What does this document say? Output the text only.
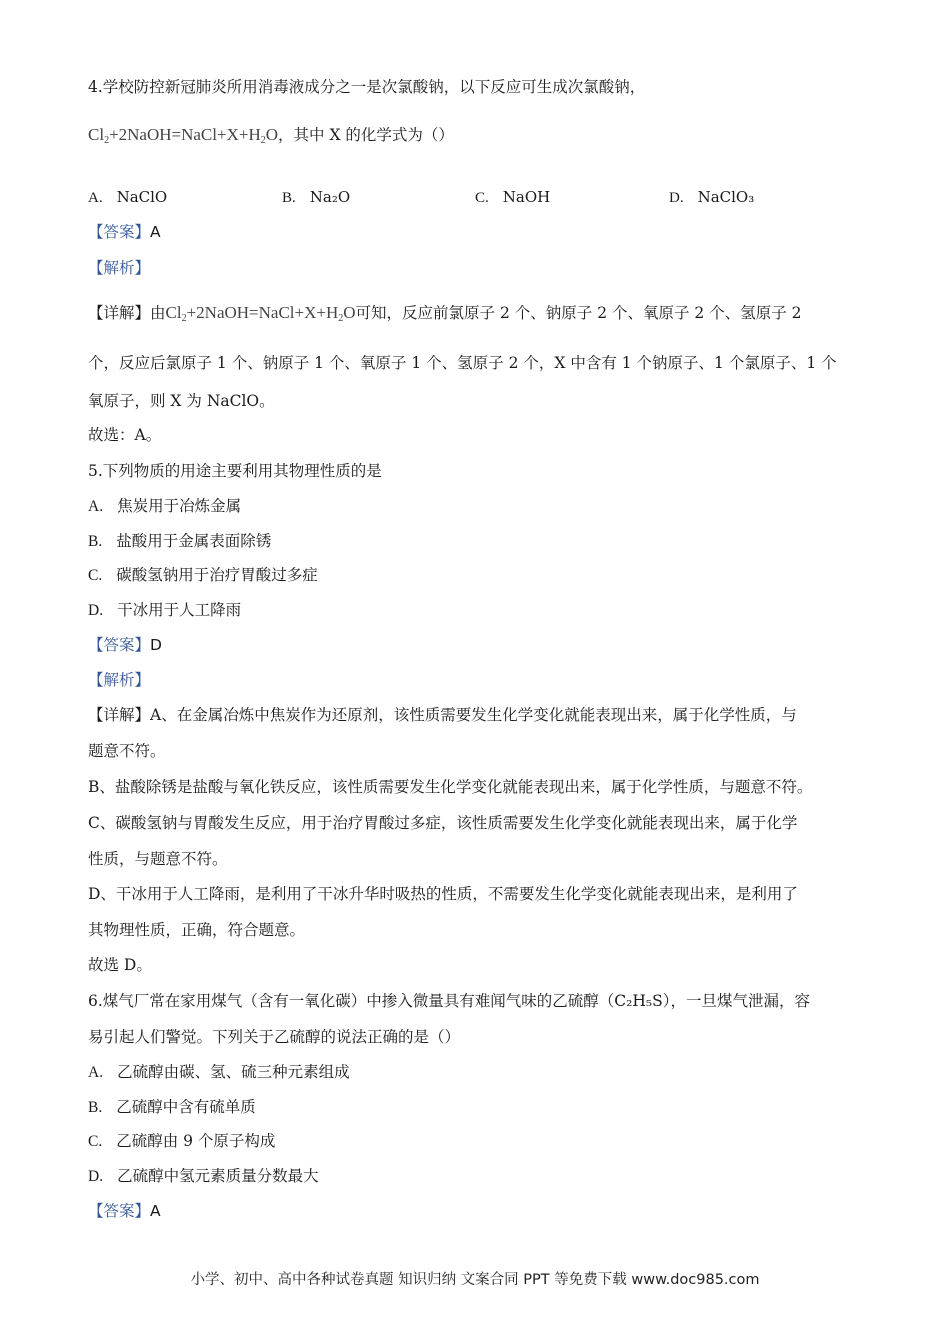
4.学校防控新冠肺炎所用消毒液成分之一是次氯酸钠，以下反应可生成次氯酸钠，
$Cl_2+2NaOH=NaCl+X+H_2O$，其中 X 的化学式为（）
A. NaClO	B. Na₂O	C. NaOH	D. NaClO₃
【答案】A
【解析】
【详解】由$Cl_2+2NaOH=NaCl+X+H_2O$可知，反应前氯原子 2 个、钠原子 2 个、氧原子 2 个、氢原子 2
个，反应后氯原子 1 个、钠原子 1 个、氧原子 1 个、氢原子 2 个，X 中含有 1 个钠原子、1 个氯原子、1 个
氧原子，则 X 为 NaClO。
故选：A。
5.下列物质的用途主要利用其物理性质的是
A. 焦炭用于冶炼金属
B. 盐酸用于金属表面除锈
C. 碳酸氢钠用于治疗胃酸过多症
D. 干冰用于人工降雨
【答案】D
【解析】
【详解】A、在金属冶炼中焦炭作为还原剂，该性质需要发生化学变化就能表现出来，属于化学性质，与
题意不符。
B、盐酸除锈是盐酸与氧化铁反应，该性质需要发生化学变化就能表现出来，属于化学性质，与题意不符。
C、碳酸氢钠与胃酸发生反应，用于治疗胃酸过多症，该性质需要发生化学变化就能表现出来，属于化学
性质，与题意不符。
D、干冰用于人工降雨，是利用了干冰升华时吸热的性质，不需要发生化学变化就能表现出来，是利用了
其物理性质，正确，符合题意。
故选 D。
6.煤气厂常在家用煤气（含有一氧化碳）中掺入微量具有难闻气味的乙硫醇（C₂H₅S），一旦煤气泄漏，容
易引起人们警觉。下列关于乙硫醇的说法正确的是（）
A. 乙硫醇由碳、氢、硫三种元素组成
B. 乙硫醇中含有硫单质
C. 乙硫醇由 9 个原子构成
D. 乙硫醇中氢元素质量分数最大
【答案】A
小学、初中、高中各种试卷真题 知识归纳 文案合同 PPT 等免费下载 www.doc985.com
